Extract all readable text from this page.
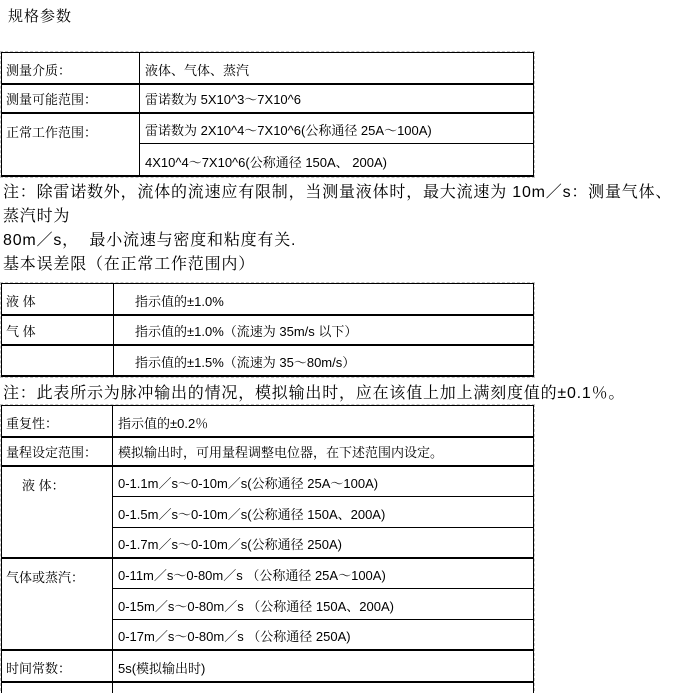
规格参数
测量介质：	液体、气体、蒸汽
测量可能范围：	雷诺数为 5X10^3～7X10^6
正常工作范围：	雷诺数为 2X10^4～7X10^6(公称通径 25A～100A)
4X10^4～7X10^6(公称通径 150A、 200A)
注：除雷诺数外，流体的流速应有限制，当测量液体时，最大流速为 10m／s：测量气体、
蒸汽时为
80m／s，  最小流速与密度和粘度有关.
基本误差限（在正常工作范围内）
液 体	指示值的±1.0%
气 体	指示值的±1.0%（流速为 35m/s 以下）
指示值的±1.5%（流速为 35～80m/s）
注：此表所示为脉冲输出的情况，模拟输出时，应在该值上加上满刻度值的±0.1％。
重复性：	指示值的±0.2％
量程设定范围：	模拟输出时，可用量程调整电位器，在下述范围内设定。
液 体：	0-1.1m／s～0-10m／s(公称通径 25A～100A)
0-1.5m／s～0-10m／s(公称通径 150A、200A)
0-1.7m／s～0-10m／s(公称通径 250A)
气体或蒸汽：	0-11m／s～0-80m／s （公称通径 25A～100A)
0-15m／s～0-80m／s （公称通径 150A、200A)
0-17m／s～0-80m／s （公称通径 250A)
时间常数：	5s(模拟输出时)
